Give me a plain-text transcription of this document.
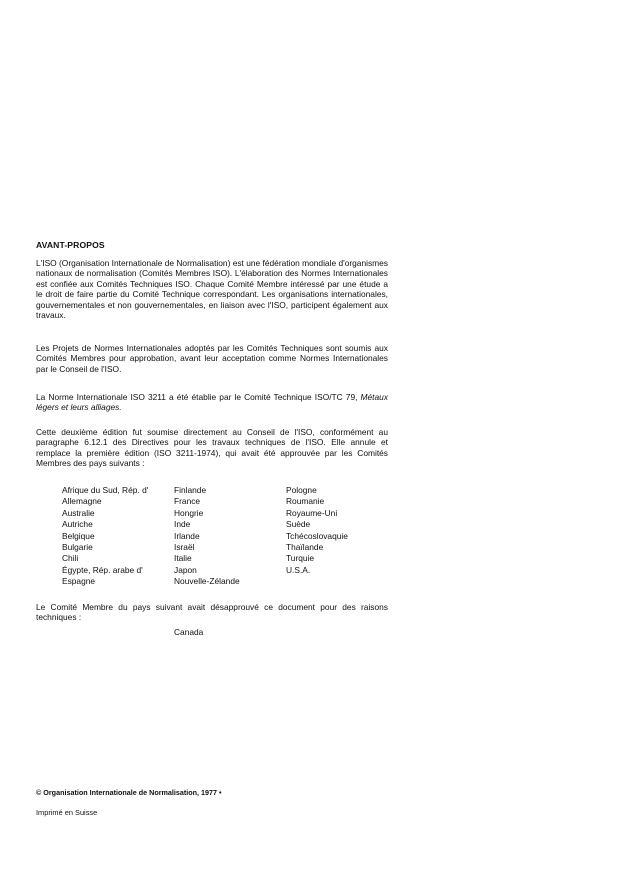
AVANT-PROPOS
L'ISO (Organisation Internationale de Normalisation) est une fédération mondiale d'organismes nationaux de normalisation (Comités Membres ISO). L'élaboration des Normes Internationales est confiée aux Comités Techniques ISO. Chaque Comité Membre intéressé par une étude a le droit de faire partie du Comité Technique correspondant. Les organisations internationales, gouvernementales et non gouvernementales, en liaison avec l'ISO, participent également aux travaux.
Les Projets de Normes Internationales adoptés par les Comités Techniques sont soumis aux Comités Membres pour approbation, avant leur acceptation comme Normes Internationales par le Conseil de l'ISO.
La Norme Internationale ISO 3211 a été établie par le Comité Technique ISO/TC 79, Métaux légers et leurs alliages.
Cette deuxième édition fut soumise directement au Conseil de l'ISO, conformément au paragraphe 6.12.1 des Directives pour les travaux techniques de l'ISO. Elle annule et remplace la première édition (ISO 3211-1974), qui avait été approuvée par les Comités Membres des pays suivants :
Afrique du Sud, Rép. d'
Allemagne
Australie
Autriche
Belgique
Bulgarie
Chili
Égypte, Rép. arabe d'
Espagne
Finlande
France
Hongrie
Inde
Irlande
Israël
Italie
Japon
Nouvelle-Zélande
Pologne
Roumanie
Royaume-Uni
Suède
Tchécoslovaquie
Thaïlande
Turquie
U.S.A.
Le Comité Membre du pays suivant avait désapprouvé ce document pour des raisons techniques :
Canada
© Organisation Internationale de Normalisation, 1977 •
Imprimé en Suisse
